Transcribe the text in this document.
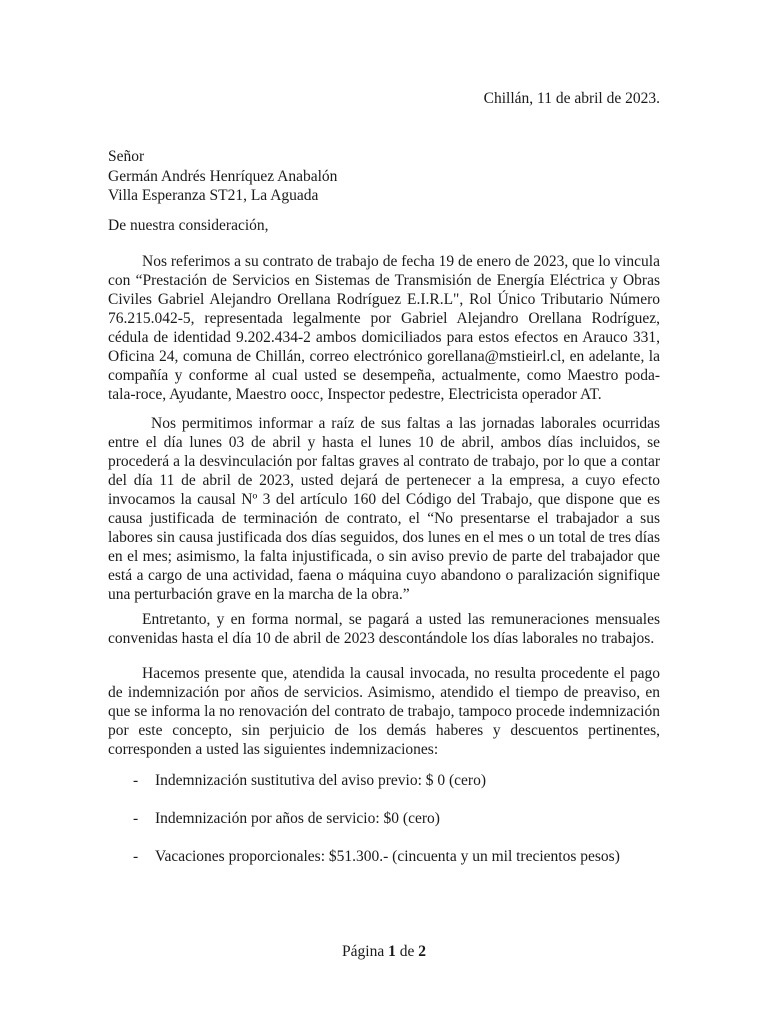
Chillán, 11 de abril de 2023.
Señor
Germán Andrés Henríquez Anabalón
Villa Esperanza ST21, La Aguada
De nuestra consideración,

Nos referimos a su contrato de trabajo de fecha 19 de enero de 2023, que lo vincula con “Prestación de Servicios en Sistemas de Transmisión de Energía Eléctrica y Obras Civiles Gabriel Alejandro Orellana Rodríguez E.I.R.L", Rol Único Tributario Número 76.215.042-5, representada legalmente por Gabriel Alejandro Orellana Rodríguez, cédula de identidad 9.202.434-2 ambos domiciliados para estos efectos en Arauco 331, Oficina 24, comuna de Chillán, correo electrónico gorellana@mstieirl.cl, en adelante, la compañía y conforme al cual usted se desempeña, actualmente, como Maestro poda-tala-roce, Ayudante, Maestro oocc, Inspector pedestre, Electricista operador AT.

Nos permitimos informar a raíz de sus faltas a las jornadas laborales ocurridas entre el día lunes 03 de abril y hasta el lunes 10 de abril, ambos días incluidos, se procederá a la desvinculación por faltas graves al contrato de trabajo, por lo que a contar del día 11 de abril de 2023, usted dejará de pertenecer a la empresa, a cuyo efecto invocamos la causal Nº 3 del artículo 160 del Código del Trabajo, que dispone que es causa justificada de terminación de contrato, el “No presentarse el trabajador a sus labores sin causa justificada dos días seguidos, dos lunes en el mes o un total de tres días en el mes; asimismo, la falta injustificada, o sin aviso previo de parte del trabajador que está a cargo de una actividad, faena o máquina cuyo abandono o paralización signifique una perturbación grave en la marcha de la obra.”

Entretanto, y en forma normal, se pagará a usted las remuneraciones mensuales convenidas hasta el día 10 de abril de 2023 descontándole los días laborales no trabajos.

Hacemos presente que, atendida la causal invocada, no resulta procedente el pago de indemnización por años de servicios. Asimismo, atendido el tiempo de preaviso, en que se informa la no renovación del contrato de trabajo, tampoco procede indemnización por este concepto, sin perjuicio de los demás haberes y descuentos pertinentes, corresponden a usted las siguientes indemnizaciones:

- Indemnización sustitutiva del aviso previo: $ 0 (cero)
- Indemnización por años de servicio: $0 (cero)
- Vacaciones proporcionales: $51.300.- (cincuenta y un mil trecientos pesos)
Página 1 de 2
